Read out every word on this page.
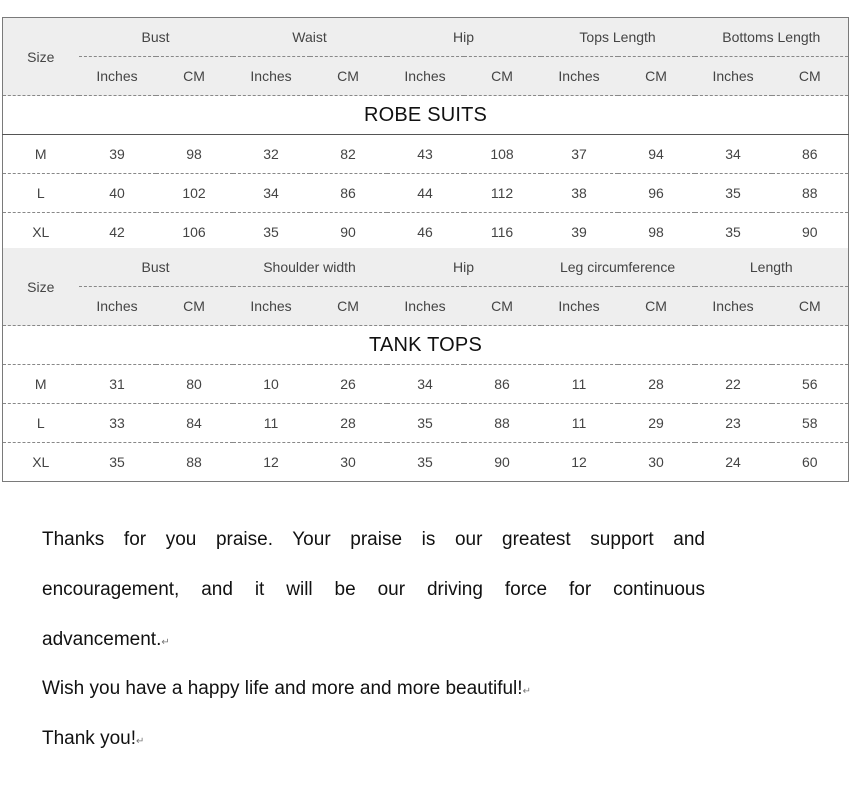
Size	Bust		Waist		Hip		Tops Length		Bottoms Length	
	Inches	CM	Inches	CM	Inches	CM	Inches	CM	Inches	CM
ROBE SUITS										
M	39	98	32	82	43	108	37	94	34	86
L	40	102	34	86	44	112	38	96	35	88
XL	42	106	35	90	46	116	39	98	35	90
Size	Bust		Shoulder width		Hip		Leg circumference		Length	
	Inches	CM	Inches	CM	Inches	CM	Inches	CM	Inches	CM
TANK TOPS										
M	31	80	10	26	34	86	11	28	22	56
L	33	84	11	28	35	88	11	29	23	58
XL	35	88	12	30	35	90	12	30	24	60
Thanks for you praise. Your praise is our greatest support and
encouragement, and it will be our driving force for continuous
advancement.↵
Wish you have a happy life and more and more beautiful!↵
Thank you!↵
